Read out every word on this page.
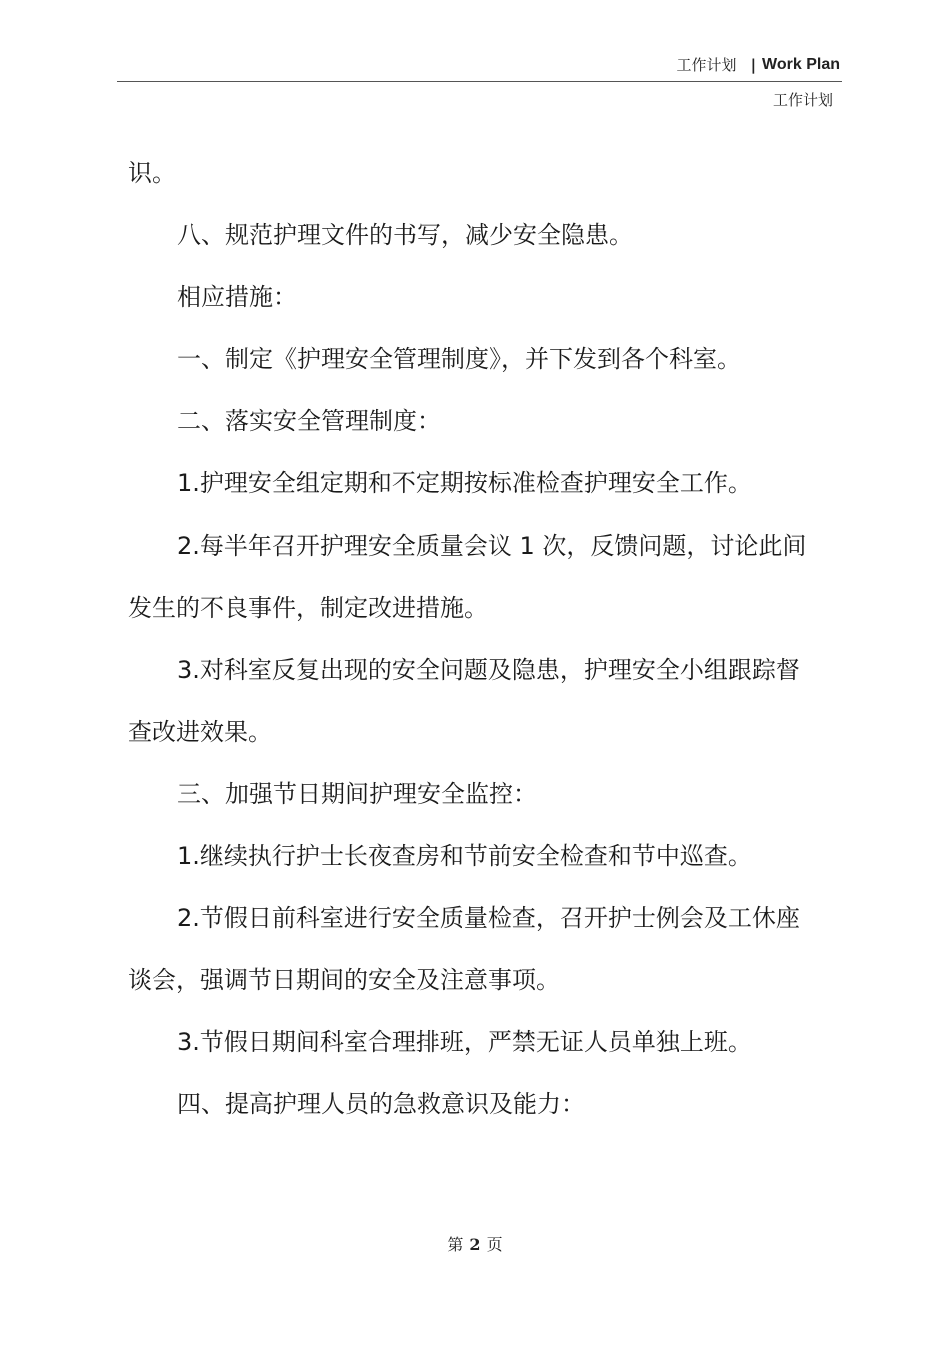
工作计划 | Work Plan
工作计划

识。

八、规范护理文件的书写，减少安全隐患。

相应措施：

一、制定《护理安全管理制度》，并下发到各个科室。

二、落实安全管理制度：

1.护理安全组定期和不定期按标准检查护理安全工作。

2.每半年召开护理安全质量会议 1 次，反馈问题，讨论此间

发生的不良事件，制定改进措施。

3.对科室反复出现的安全问题及隐患，护理安全小组跟踪督

查改进效果。

三、加强节日期间护理安全监控：

1.继续执行护士长夜查房和节前安全检查和节中巡查。

2.节假日前科室进行安全质量检查，召开护士例会及工休座

谈会，强调节日期间的安全及注意事项。

3.节假日期间科室合理排班，严禁无证人员单独上班。

四、提高护理人员的急救意识及能力：

第 2 页
